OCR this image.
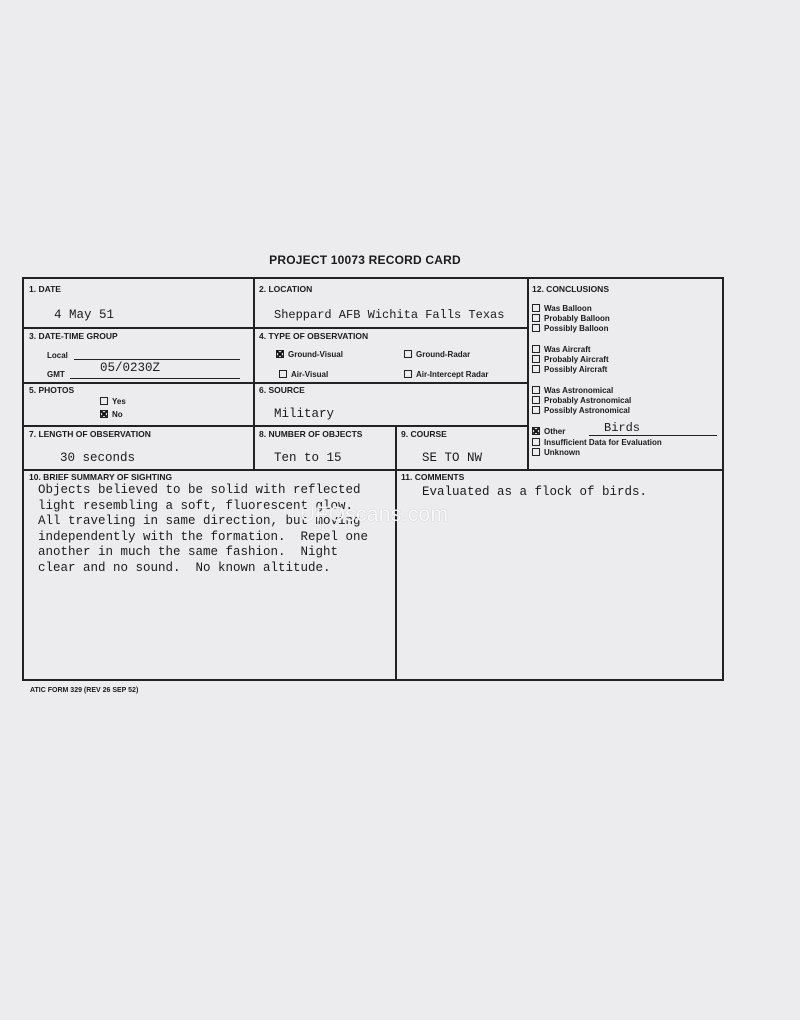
PROJECT 10073 RECORD CARD
1. DATE
4 May 51
2. LOCATION
Sheppard AFB Wichita Falls Texas
3. DATE-TIME GROUP
Local
GMT	05/0230Z
4. TYPE OF OBSERVATION
Ground-Visual	Ground-Radar
Air-Visual	Air-Intercept Radar
5. PHOTOS
Yes
No
6. SOURCE
Military
7. LENGTH OF OBSERVATION
30 seconds
8. NUMBER OF OBJECTS
Ten to 15
9. COURSE
SE TO NW
12. CONCLUSIONS
Was Balloon
Probably Balloon
Possibly Balloon
Was Aircraft
Probably Aircraft
Possibly Aircraft
Was Astronomical
Probably Astronomical
Possibly Astronomical
Other	Birds
Insufficient Data for Evaluation
Unknown
10. BRIEF SUMMARY OF SIGHTING
Objects believed to be solid with reflected
light resembling a soft, fluorescent glow.
All traveling in same direction, but moving
independently with the formation.  Repel one
another in much the same fashion.  Night
clear and no sound.  No known altitude.
11. COMMENTS
Evaluated as a flock of birds.
UFOscans.com
ATIC FORM 329 (REV 26 SEP 52)
